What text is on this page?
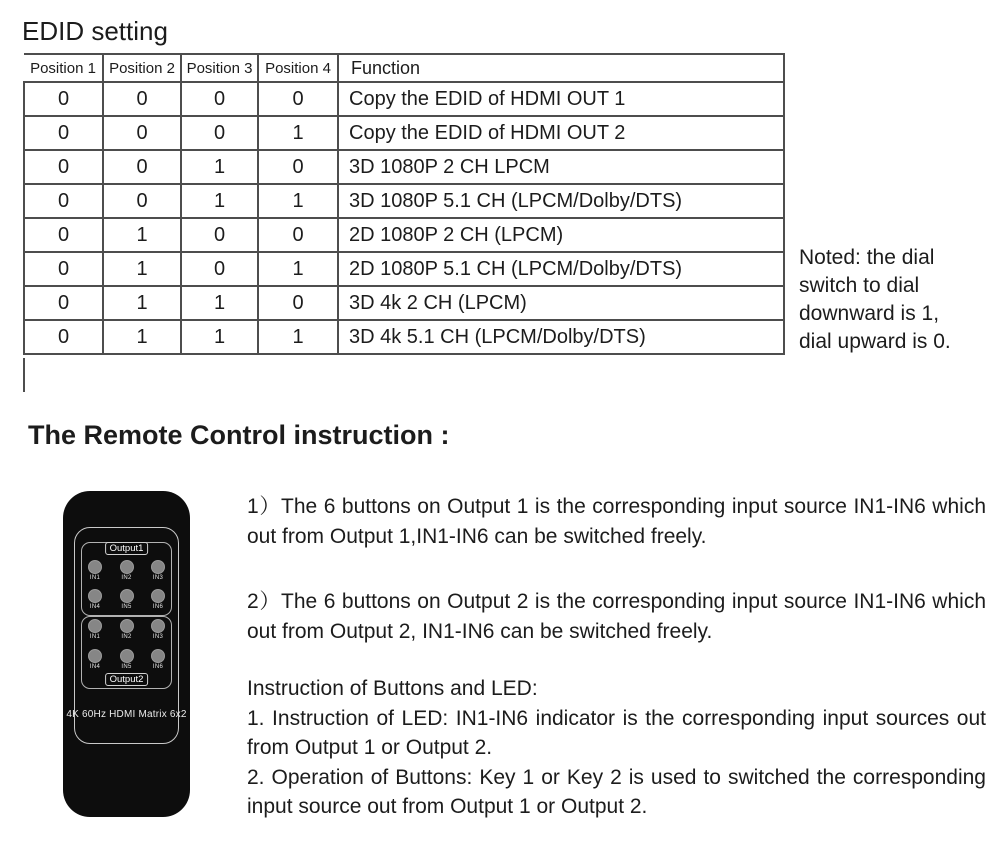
EDID setting
Position 1	Position 2	Position 3	Position 4	Function
0	0	0	0	Copy the EDID of HDMI OUT 1
0	0	0	1	Copy the EDID of HDMI OUT 2
0	0	1	0	3D 1080P 2 CH LPCM
0	0	1	1	3D 1080P 5.1 CH (LPCM/Dolby/DTS)
0	1	0	0	2D 1080P 2 CH (LPCM)
0	1	0	1	2D 1080P 5.1 CH (LPCM/Dolby/DTS)
0	1	1	0	3D 4k 2 CH (LPCM)
0	1	1	1	3D 4k 5.1 CH (LPCM/Dolby/DTS)
Noted: the dial
switch to dial
downward is 1,
dial upward is 0.
The Remote Control instruction :
Output1
IN1	IN2	IN3
IN4	IN5	IN6
IN1	IN2	IN3
IN4	IN5	IN6
Output2
4K 60Hz HDMI Matrix 6x2

1）The 6 buttons on Output 1 is the corresponding input source IN1-IN6 which out from Output 1,IN1-IN6 can be switched freely.

2）The 6 buttons on Output 2 is the corresponding input source IN1-IN6 which out from Output 2, IN1-IN6 can be switched freely.

Instruction of Buttons and LED:
1. Instruction of LED: IN1-IN6 indicator is the corresponding input sources out from Output 1 or Output 2.
2. Operation of Buttons: Key 1 or Key 2 is used to switched the corresponding input source out from Output 1 or Output 2.
